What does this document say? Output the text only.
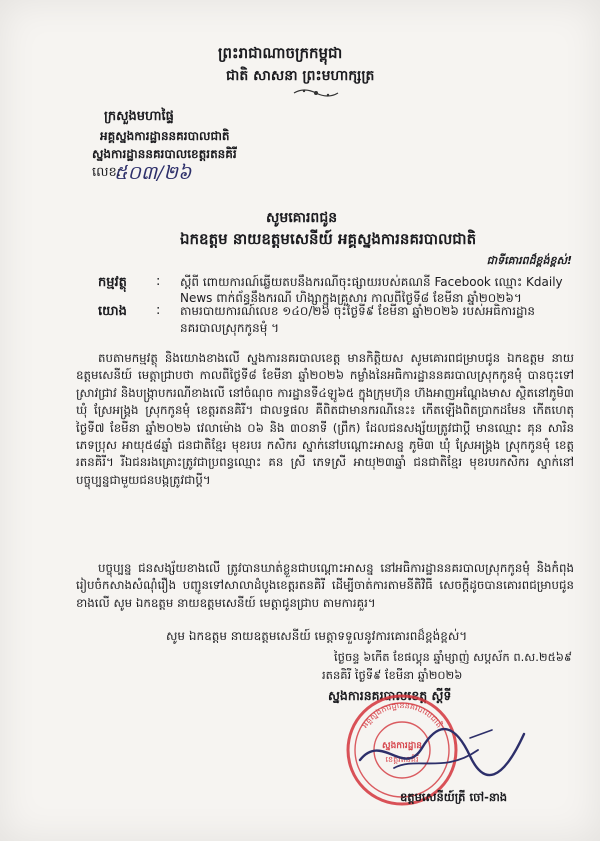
ព្រះរាជាណាចក្រកម្ពុជា
ជាតិ សាសនា ព្រះមហាក្សត្រ
ក្រសួងមហាផ្ទៃ
អគ្គស្នងការដ្ឋាននគរបាលជាតិ
ស្នងការដ្ឋាននគរបាលខេត្តរតនគិរី
លេខ:
៥០៣/២៦
សូមគោរពជូន
ឯកឧត្តម នាយឧត្តមសេនីយ៍ អគ្គស្នងការនគរបាលជាតិ
ជាទីគោរពដ៏ខ្ពង់ខ្ពស់!
កម្មវត្ថុ : ស្តីពី ពោយការណ៍ឆ្លើយតបនឹងករណីចុះផ្សាយរបស់គណនី Facebook ឈ្មោះ Kdaily News ពាក់ព័ន្ធនឹងករណី ហិង្សាក្នុងគ្រួសារ កាលពីថ្ងៃទី៨ ខែមីនា ឆ្នាំ២០២៦។
យោង : តាមរបាយការណ៍លេខ ១៤០/២៦ ចុះថ្ងៃទី៩ ខែមីនា ឆ្នាំ២០២៦ របស់អធិការដ្ឋាននគរបាលស្រុកកូនមុំ ។
តបតាមកម្មវត្ថុ និងយោងខាងលើ ស្នងការនគរបាលខេត្ត មានកិត្តិយស សូមគោរពជម្រាបជូន ឯកឧត្តម នាយឧត្តមសេនីយ៍ មេត្តាជ្រាបថា កាលពីថ្ងៃទី៨ ខែមីនា ឆ្នាំ២០២៦ កម្លាំងនៃអធិការដ្ឋាននគរបាលស្រុកកូនមុំ បានចុះទៅស្រាវជ្រាវ និងបង្ក្រាបករណីខាងលើ នៅចំណុច ការដ្ឋានទី៤ឡូ៦៥ ក្នុងក្រុមហ៊ុន ហ៊ងអាញអណ្តែងមាស ស្ថិតនៅភូមិ៣ ឃុំ ស្រែអង្គ្រង ស្រុកកូនមុំ ខេត្តរតនគិរី។ ជាលទ្ធផល គឺពិតជាមានករណីនេះ៖ កើតឡើងពិតប្រាកដមែន កើតហេតុថ្ងៃទី៧ ខែមីនា ឆ្នាំ២០២៦ វេលាម៉ោង ០៦ និង ៣០នាទី (ព្រឹក) ដែលជនសង្ស័យត្រូវជាប្តី មានឈ្មោះ គុន សារិន ភេទប្រុស អាយុ៥៨ឆ្នាំ ជនជាតិខ្មែរ មុខរបរ កសិករ ស្នាក់នៅបណ្តោះអាសន្ន ភូមិ៣ ឃុំ ស្រែអង្គ្រង ស្រុកកូនមុំ ខេត្តរតនគិរី។ រីឯជនរងគ្រោះត្រូវជាប្រពន្ធឈ្មោះ គន ស្រី ភេទស្រី អាយុ២៣ឆ្នាំ ជនជាតិខ្មែរ មុខរបរកសិករ ស្នាក់នៅបច្ចុប្បន្នជាមួយជនបង្កត្រូវជាប្តី។
បច្ចុប្បន្ន ជនសង្ស័យខាងលើ ត្រូវបានឃាត់ខ្លួនជាបណ្តោះអាសន្ន នៅអធិការដ្ឋាននគរបាលស្រុកកូនមុំ និងកំពុងរៀបចំកសាងសំណុំរឿង បញ្ជូនទៅសាលាដំបូងខេត្តរតនគិរី ដើម្បីចាត់ការតាមនីតិវិធី សេចក្តីដូចបានគោរពជម្រាបជូនខាងលើ សូម ឯកឧត្តម នាយឧត្តមសេនីយ៍ មេត្តាជូនជ្រាប តាមការគួរ។
សូម ឯកឧត្តម នាយឧត្តមសេនីយ៍ មេត្តាទទួលនូវការគោរពដ៏ខ្ពង់ខ្ពស់។
ថ្ងៃចន្ទ ៦កើត ខែផល្គុន ឆ្នាំម្សាញ់ សប្តស័ក ព.ស.២៥៦៩
រតនគិរី ថ្ងៃទី៩ ខែមីនា ឆ្នាំ២០២៦
ស្នងការនគរបាលខេត្ត ស្តីទី
អគ្គស្នងការដ្ឋាននគរបាលជាតិ
ស្នងការដ្ឋាន
ខេត្តរតនគិរី
ឧត្តមសេនីយ៍ត្រី ចៅ-នាង
